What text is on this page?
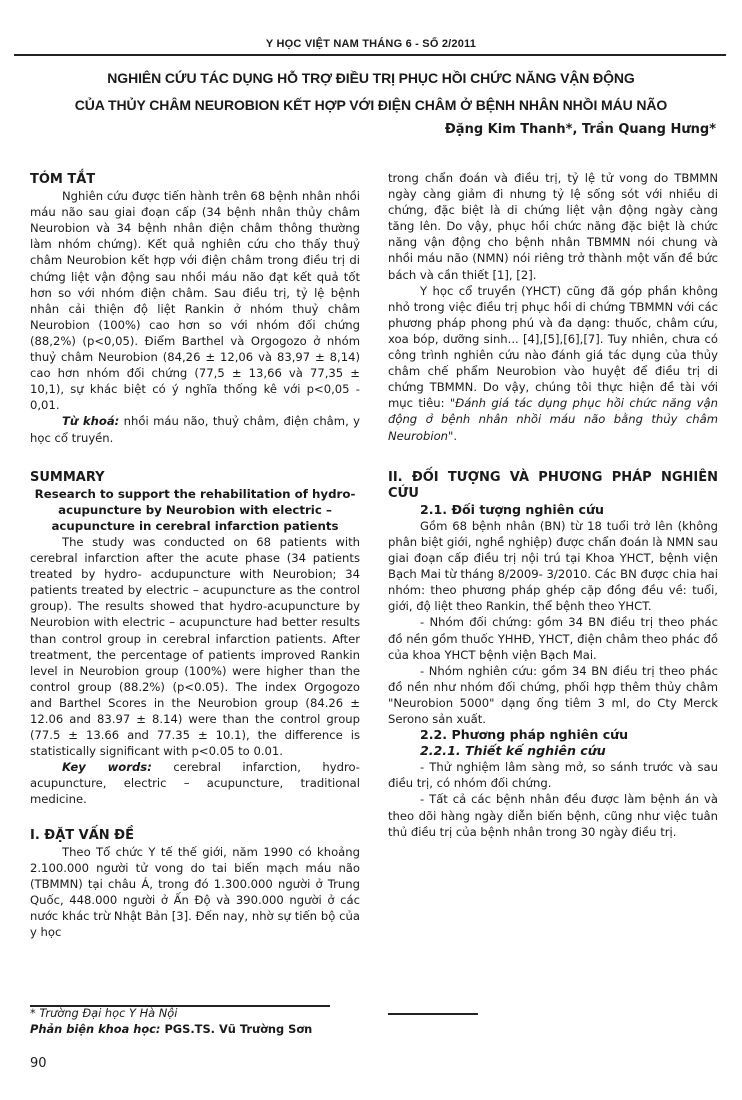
Y HỌC VIỆT NAM THÁNG 6 - SỐ 2/2011
NGHIÊN CỨU TÁC DỤNG HỖ TRỢ ĐIỀU TRỊ PHỤC HỒI CHỨC NĂNG VẬN ĐỘNG
CỦA THỦY CHÂM NEUROBION KẾT HỢP VỚI ĐIỆN CHÂM Ở BỆNH NHÂN NHỒI MÁU NÃO
Đặng Kim Thanh*, Trần Quang Hưng*
TÓM TẮT

Nghiên cứu được tiến hành trên 68 bệnh nhân nhồi máu não sau giai đoạn cấp (34 bệnh nhân thủy châm Neurobion và 34 bệnh nhân điện châm thông thường làm nhóm chứng). Kết quả nghiên cứu cho thấy thuỷ châm Neurobion kết hợp với điện châm trong điều trị di chứng liệt vận động sau nhồi máu não đạt kết quả tốt hơn so với nhóm điện châm. Sau điều trị, tỷ lệ bệnh nhân cải thiện độ liệt Rankin ở nhóm thuỷ châm Neurobion (100%) cao hơn so với nhóm đối chứng (88,2%) (p<0,05). Điểm Barthel và Orgogozo ở nhóm thuỷ châm Neurobion (84,26 ± 12,06 và 83,97 ± 8,14) cao hơn nhóm đối chứng (77,5 ± 13,66 và 77,35 ± 10,1), sự khác biệt có ý nghĩa thống kê với p<0,05 - 0,01.

Từ khoá: nhồi máu não, thuỷ châm, điện châm, y học cổ truyền.

SUMMARY

Research to support the rehabilitation of hydro-acupuncture by Neurobion with electric – acupuncture in cerebral infarction patients

The study was conducted on 68 patients with cerebral infarction after the acute phase (34 patients treated by hydro- acdupuncture with Neurobion; 34 patients treated by electric – acupuncture as the control group). The results showed that hydro-acupuncture by Neurobion with electric – acupuncture had better results than control group in cerebral infarction patients. After treatment, the percentage of patients improved Rankin level in Neurobion group (100%) were higher than the control group (88.2%) (p<0.05). The index Orgogozo and Barthel Scores in the Neurobion group (84.26 ± 12.06 and 83.97 ± 8.14) were than the control group (77.5 ± 13.66 and 77.35 ± 10.1), the difference is statistically significant with p<0.05 to 0.01.

Key words: cerebral infarction, hydro-acupuncture, electric – acupuncture, traditional medicine.

I. ĐẶT VẤN ĐỀ

Theo Tổ chức Y tế thế giới, năm 1990 có khoảng 2.100.000 người tử vong do tai biến mạch máu não (TBMMN) tại châu Á, trong đó 1.300.000 người ở Trung Quốc, 448.000 người ở Ấn Độ và 390.000 người ở các nước khác trừ Nhật Bản [3]. Đến nay, nhờ sự tiến bộ của y học

trong chẩn đoán và điều trị, tỷ lệ tử vong do TBMMN ngày càng giảm đi nhưng tỷ lệ sống sót với nhiều di chứng, đặc biệt là di chứng liệt vận động ngày càng tăng lên. Do vậy, phục hồi chức năng đặc biệt là chức năng vận động cho bệnh nhân TBMMN nói chung và nhồi máu não (NMN) nói riêng trở thành một vấn đề bức bách và cần thiết [1], [2].

Y học cổ truyền (YHCT) cũng đã góp phần không nhỏ trong việc điều trị phục hồi di chứng TBMMN với các phương pháp phong phú và đa dạng: thuốc, châm cứu, xoa bóp, dưỡng sinh... [4],[5],[6],[7]. Tuy nhiên, chưa có công trình nghiên cứu nào đánh giá tác dụng của thủy châm chế phẩm Neurobion vào huyệt để điều trị di chứng TBMMN. Do vậy, chúng tôi thực hiện đề tài với mục tiêu: "Đánh giá tác dụng phục hồi chức năng vận động ở bệnh nhân nhồi máu não bằng thủy châm Neurobion".

II. ĐỐI TƯỢNG VÀ PHƯƠNG PHÁP NGHIÊN CỨU
2.1. Đối tượng nghiên cứu

Gồm 68 bệnh nhân (BN) từ 18 tuổi trở lên (không phân biệt giới, nghề nghiệp) được chẩn đoán là NMN sau giai đoạn cấp điều trị nội trú tại Khoa YHCT, bệnh viện Bạch Mai từ tháng 8/2009- 3/2010. Các BN được chia hai nhóm: theo phương pháp ghép cặp đồng đều về: tuổi, giới, độ liệt theo Rankin, thể bệnh theo YHCT.

- Nhóm đối chứng: gồm 34 BN điều trị theo phác đồ nền gồm thuốc YHHĐ, YHCT, điện châm theo phác đồ của khoa YHCT bệnh viện Bạch Mai.

- Nhóm nghiên cứu: gồm 34 BN điều trị theo phác đồ nền như nhóm đối chứng, phối hợp thêm thủy châm "Neurobion 5000" dạng ống tiêm 3 ml, do Cty Merck Serono sản xuất.

2.2. Phương pháp nghiên cứu
2.2.1. Thiết kế nghiên cứu

- Thử nghiệm lâm sàng mở, so sánh trước và sau điều trị, có nhóm đối chứng.

- Tất cả các bệnh nhân đều được làm bệnh án và theo dõi hàng ngày diễn biến bệnh, cũng như việc tuân thủ điều trị của bệnh nhân trong 30 ngày điều trị.

* Trường Đại học Y Hà Nội
Phản biện khoa học: PGS.TS. Vũ Trường Sơn
90
